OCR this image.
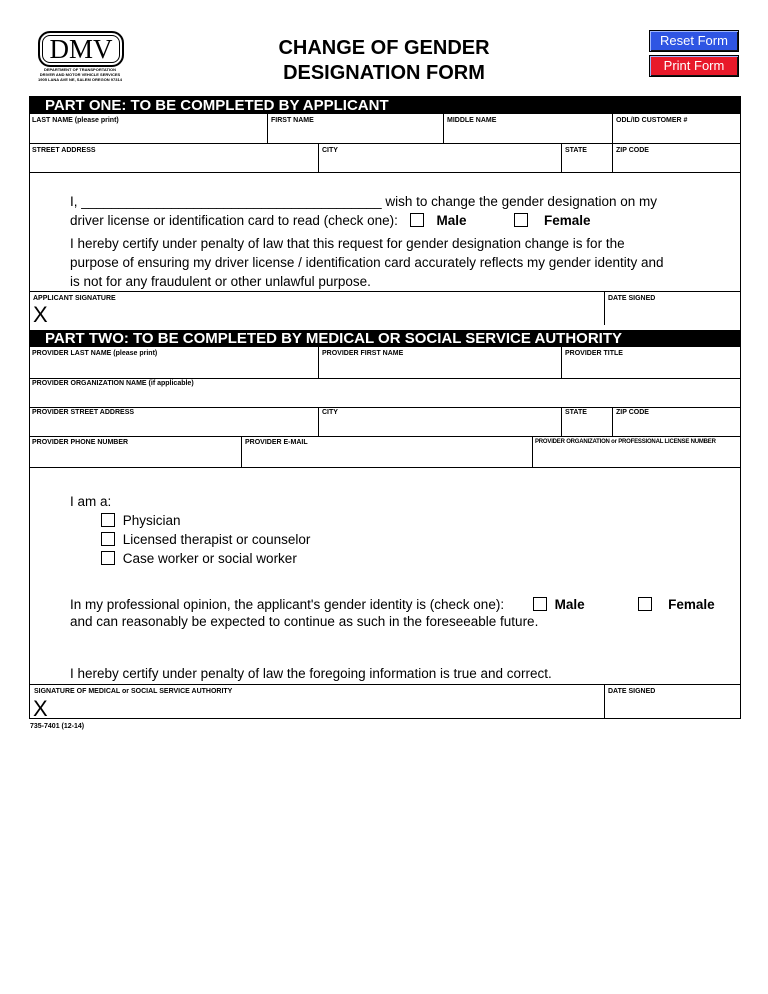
DMV
DEPARTMENT OF TRANSPORTATION
DRIVER AND MOTOR VEHICLE SERVICES
1905 LANA AVE NE, SALEM OREGON 97314
CHANGE OF GENDER
DESIGNATION FORM
Reset Form
Print Form
PART ONE: TO BE COMPLETED BY APPLICANT
LAST NAME (please print)	FIRST NAME	MIDDLE NAME	ODL/ID CUSTOMER #
STREET ADDRESS	CITY	STATE	ZIP CODE
I, ________________________________________ wish to change the gender designation on my
driver license or identification card to read (check one):	Male	Female
I hereby certify under penalty of law that this request for gender designation change is for the
purpose of ensuring my driver license / identification card accurately reflects my gender identity and
is not for any fraudulent or other unlawful purpose.
APPLICANT SIGNATURE	DATE SIGNED
X
PART TWO: TO BE COMPLETED BY MEDICAL OR SOCIAL SERVICE AUTHORITY
PROVIDER LAST NAME (please print)	PROVIDER FIRST NAME	PROVIDER TITLE
PROVIDER ORGANIZATION NAME (if applicable)
PROVIDER STREET ADDRESS	CITY	STATE	ZIP CODE
PROVIDER PHONE NUMBER	PROVIDER E-MAIL	PROVIDER ORGANIZATION or PROFESSIONAL LICENSE NUMBER
I am a:
Physician
Licensed therapist or counselor
Case worker or social worker
In my professional opinion, the applicant's gender identity is (check one):	Male	Female
and can reasonably be expected to continue as such in the foreseeable future.
I hereby certify under penalty of law the foregoing information is true and correct.
SIGNATURE OF MEDICAL or SOCIAL SERVICE AUTHORITY	DATE SIGNED
X
735-7401 (12-14)
